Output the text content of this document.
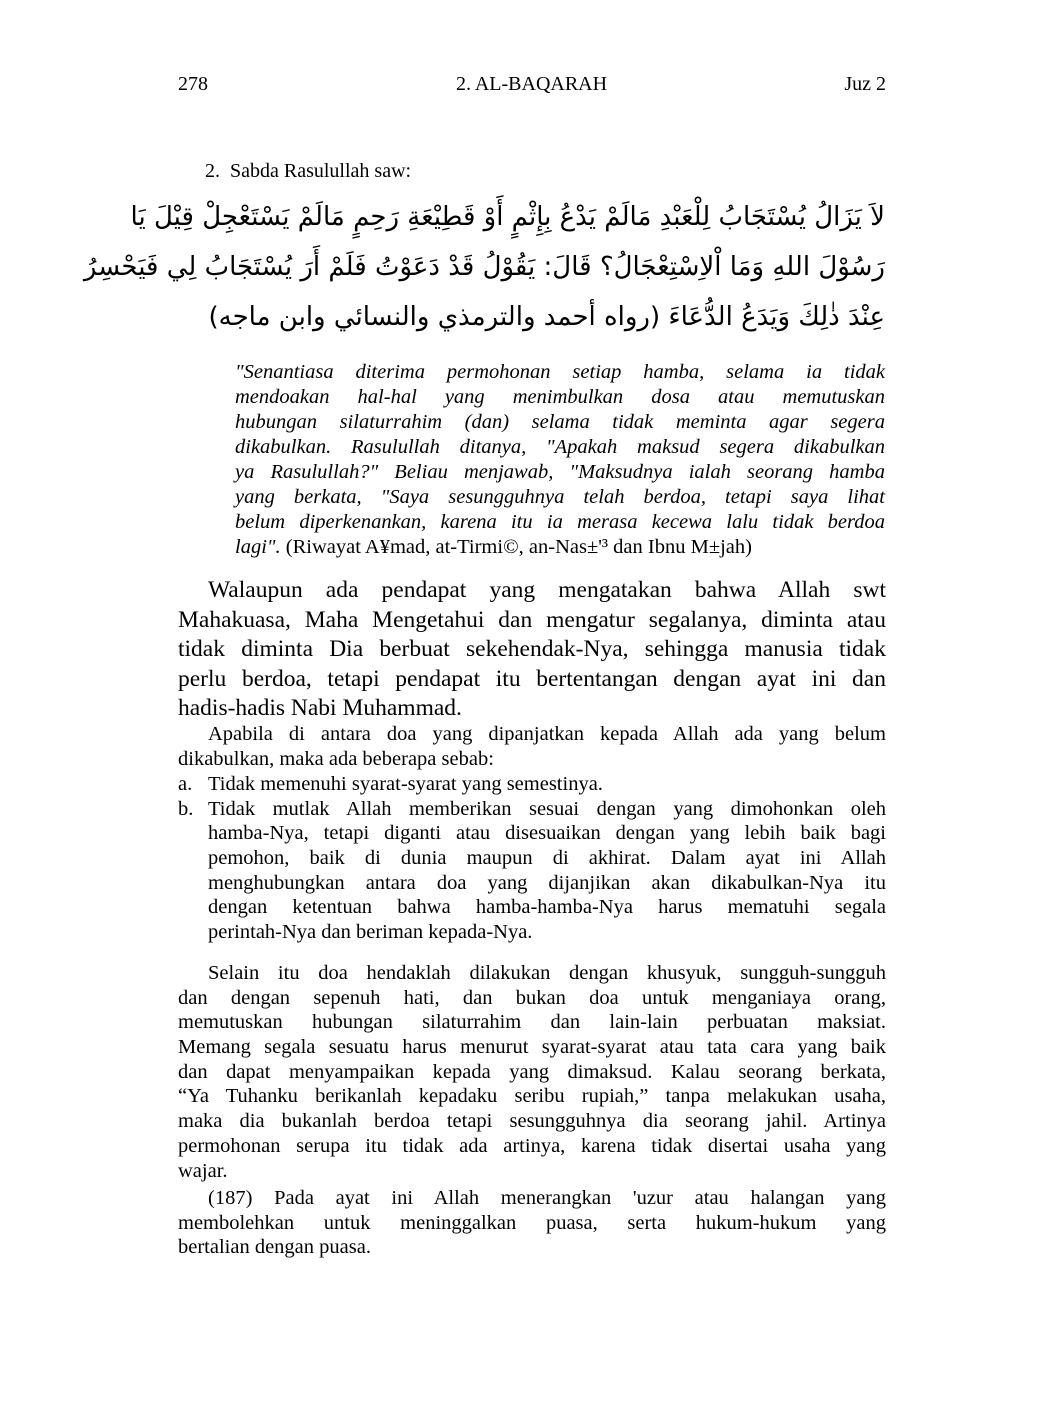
278	2. AL-BAQARAH	Juz 2
2. Sabda Rasulullah saw:
لاَ يَزَالُ يُسْتَجَابُ لِلْعَبْدِ مَالَمْ يَدْعُ بِإِثْمٍ أَوْ قَطِيْعَةِ رَحِمٍ مَالَمْ يَسْتَعْجِلْ قِيْلَ يَا
رَسُوْلَ اللهِ وَمَا اْلاِسْتِعْجَالُ؟ قَالَ: يَقُوْلُ قَدْ دَعَوْتُ فَلَمْ أَرَ يُسْتَجَابُ لِي فَيَحْسِرُ
عِنْدَ ذٰلِكَ وَيَدَعُ الدُّعَاءَ (رواه أحمد والترمذي والنسائي وابن ماجه)
"Senantiasa diterima permohonan setiap hamba, selama ia tidak
mendoakan hal-hal yang menimbulkan dosa atau memutuskan
hubungan silaturrahim (dan) selama tidak meminta agar segera
dikabulkan. Rasulullah ditanya, "Apakah maksud segera dikabulkan
ya Rasulullah?" Beliau menjawab, "Maksudnya ialah seorang hamba
yang berkata, "Saya sesungguhnya telah berdoa, tetapi saya lihat
belum diperkenankan, karena itu ia merasa kecewa lalu tidak berdoa
lagi". (Riwayat A¥mad, at-Tirmi©, an-Nas±'³ dan Ibnu M±jah)
Walaupun ada pendapat yang mengatakan bahwa Allah swt
Mahakuasa, Maha Mengetahui dan mengatur segalanya, diminta atau
tidak diminta Dia berbuat sekehendak-Nya, sehingga manusia tidak
perlu berdoa, tetapi pendapat itu bertentangan dengan ayat ini dan
hadis-hadis Nabi Muhammad.
Apabila di antara doa yang dipanjatkan kepada Allah ada yang belum
dikabulkan, maka ada beberapa sebab:
a. Tidak memenuhi syarat-syarat yang semestinya.
b. Tidak mutlak Allah memberikan sesuai dengan yang dimohonkan oleh
hamba-Nya, tetapi diganti atau disesuaikan dengan yang lebih baik bagi
pemohon, baik di dunia maupun di akhirat. Dalam ayat ini Allah
menghubungkan antara doa yang dijanjikan akan dikabulkan-Nya itu
dengan ketentuan bahwa hamba-hamba-Nya harus mematuhi segala
perintah-Nya dan beriman kepada-Nya.
Selain itu doa hendaklah dilakukan dengan khusyuk, sungguh-sungguh
dan dengan sepenuh hati, dan bukan doa untuk menganiaya orang,
memutuskan hubungan silaturrahim dan lain-lain perbuatan maksiat.
Memang segala sesuatu harus menurut syarat-syarat atau tata cara yang baik
dan dapat menyampaikan kepada yang dimaksud. Kalau seorang berkata,
“Ya Tuhanku berikanlah kepadaku seribu rupiah,” tanpa melakukan usaha,
maka dia bukanlah berdoa tetapi sesungguhnya dia seorang jahil. Artinya
permohonan serupa itu tidak ada artinya, karena tidak disertai usaha yang
wajar.
(187) Pada ayat ini Allah menerangkan 'uzur atau halangan yang
membolehkan untuk meninggalkan puasa, serta hukum-hukum yang
bertalian dengan puasa.
